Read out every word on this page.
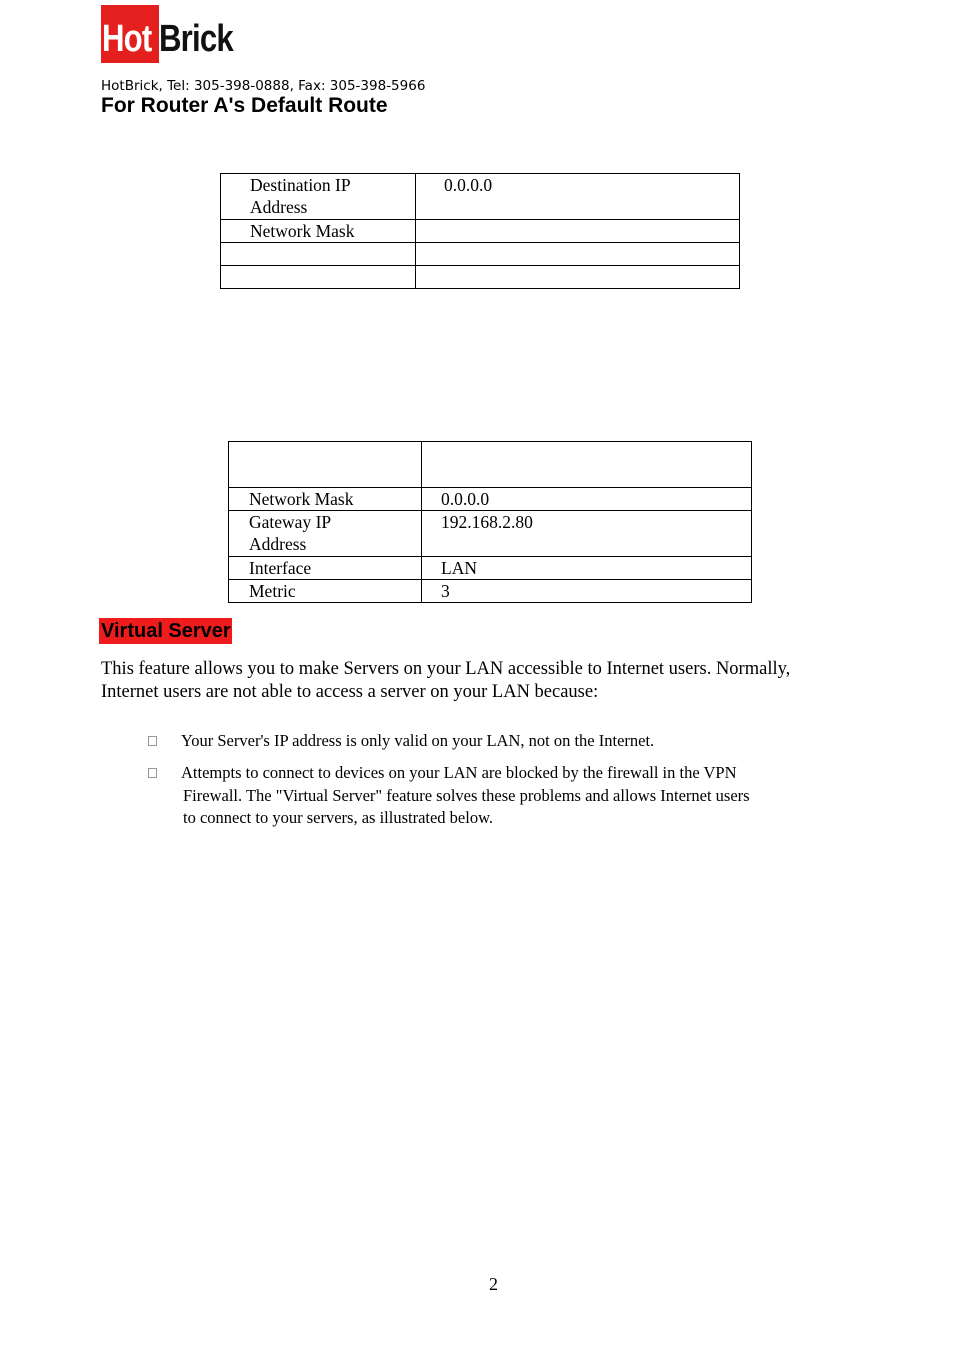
Hot Brick
HotBrick, Tel: 305-398-0888, Fax: 305-398-5966
For Router A's Default Route
Destination IP
Address	0.0.0.0

Network Mask	

Network Mask	0.0.0.0

Gateway IP
Address	192.168.2.80

Interface	LAN

Metric	3
Virtual Server
This feature allows you to make Servers on your LAN accessible to Internet users. Normally,
Internet users are not able to access a server on your LAN because:
Your Server's IP address is only valid on your LAN, not on the Internet.
Attempts to connect to devices on your LAN are blocked by the firewall in the VPN
Firewall. The "Virtual Server" feature solves these problems and allows Internet users
to connect to your servers, as illustrated below.
2
